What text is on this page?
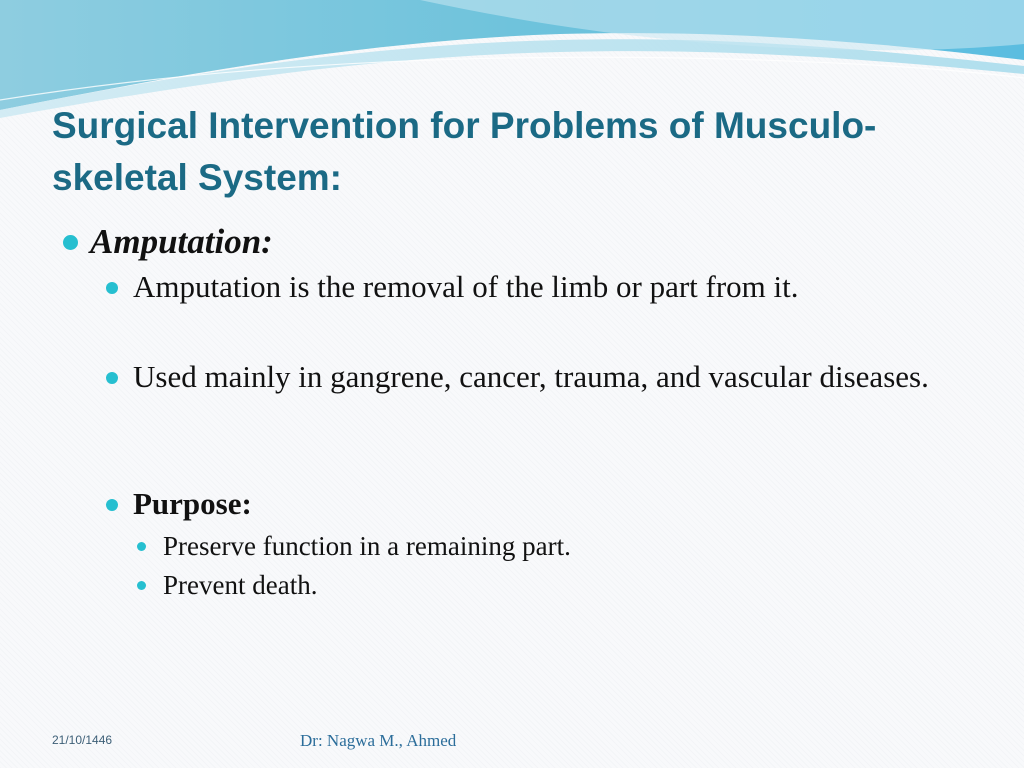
Surgical Intervention for Problems of Musculo-skeletal System:
Amputation:
Amputation is the removal of the limb or part from it.
Used mainly in gangrene, cancer, trauma, and vascular diseases.
Purpose:
Preserve function in a remaining part.
Prevent death.
21/10/1446	Dr: Nagwa M., Ahmed
